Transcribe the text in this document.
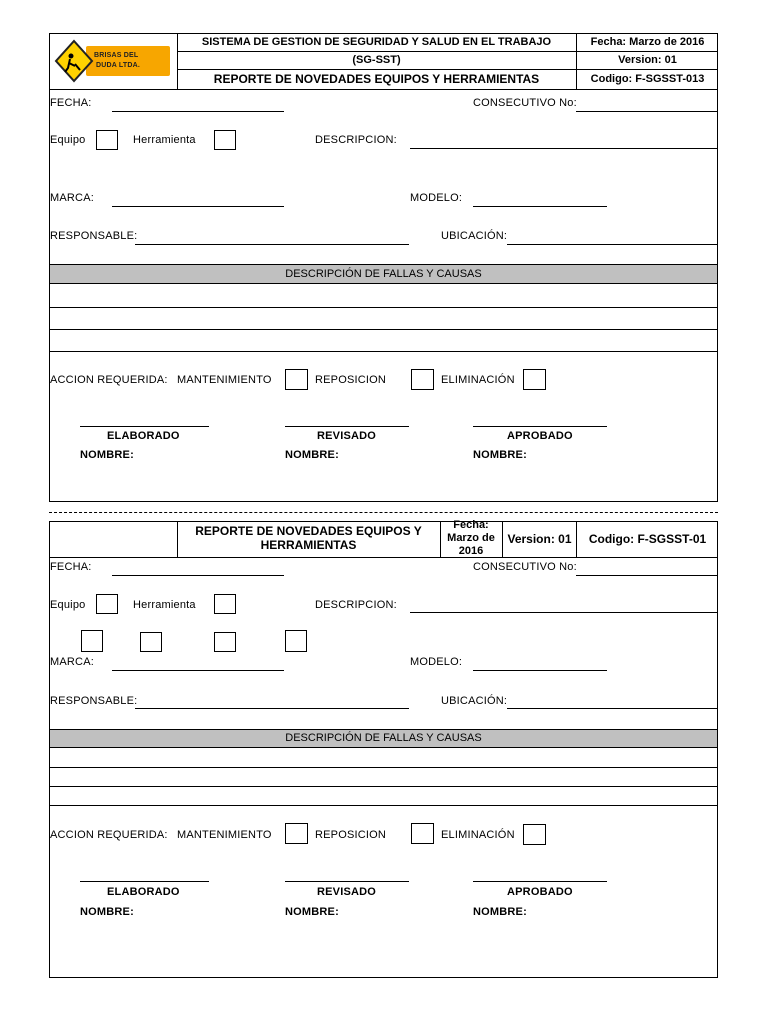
BRISAS DEL
DUDA LTDA.
SISTEMA DE GESTION DE SEGURIDAD Y SALUD EN EL TRABAJO
(SG-SST)
REPORTE DE NOVEDADES EQUIPOS Y HERRAMIENTAS
Fecha: Marzo de 2016
Version: 01
Codigo: F-SGSST-013
FECHA:	CONSECUTIVO No:
Equipo	Herramienta	DESCRIPCION:
MARCA:	MODELO:
RESPONSABLE:	UBICACIÓN:
DESCRIPCIÓN DE FALLAS Y CAUSAS
ACCION REQUERIDA: MANTENIMIENTO	REPOSICION	ELIMINACIÓN
ELABORADO	REVISADO	APROBADO
NOMBRE:	NOMBRE:	NOMBRE:
REPORTE DE NOVEDADES EQUIPOS Y
HERRAMIENTAS
Fecha:
Marzo de
2016
Version: 01	Codigo: F-SGSST-01
FECHA:	CONSECUTIVO No:
Equipo	Herramienta	DESCRIPCION:
MARCA:	MODELO:
RESPONSABLE:	UBICACIÓN:
DESCRIPCIÓN DE FALLAS Y CAUSAS
ACCION REQUERIDA: MANTENIMIENTO	REPOSICION	ELIMINACIÓN
ELABORADO	REVISADO	APROBADO
NOMBRE:	NOMBRE:	NOMBRE:
